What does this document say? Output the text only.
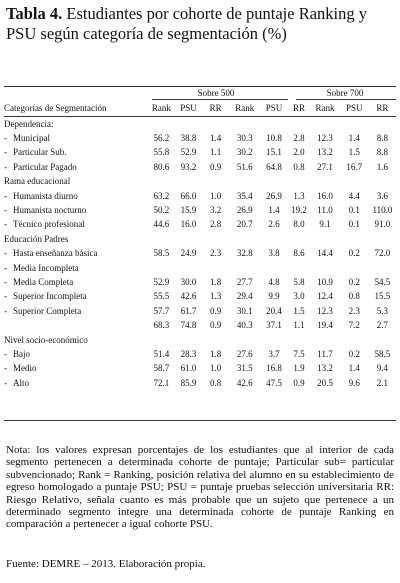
Tabla 4. Estudiantes por cohorte de puntaje Ranking y PSU según categoría de segmentación (%)
Sobre 500	Sobre 700
Categorías de Segmentación	Rank	PSU	RR	Rank	PSU	RR	Rank	PSU	RR
Dependencia:									
- Municipal	56.2	38.8	1.4	30.3	10.8	2.8	12.3	1.4	8.8
- Particular Sub.	55.8	52.9	1.1	30.2	15.1	2.0	13.2	1.5	8.8
- Particular Pagado	80.6	93.2	0.9	51.6	64.8	0.8	27.1	16.7	1.6
Rama educacional									
- Humanista diurno	63.2	66.0	1.0	35.4	26.9	1.3	16.0	4.4	3.6
- Humanista nocturno	50.2	15.9	3.2	26.9	1.4	19.2	11.0	0.1	110.0
- Técnico profesional	44.6	16.0	2.8	20.7	2.6	8.0	9.1	0.1	91.0
Educación Padres									
- Hasta enseñanza básica	58.5	24.9	2.3	32.8	3.8	8.6	14.4	0.2	72.0
- Media Incompleta									
- Media Completa	52.9	30.0	1.8	27.7	4.8	5.8	10.9	0.2	54.5
- Superior Incompleta	55.5	42.6	1.3	29.4	9.9	3.0	12.4	0.8	15.5
- Superior Completa	57.7	61.7	0.9	30.1	20.4	1.5	12.3	2.3	5.3
	68.3	74.8	0.9	40.3	37.1	1.1	19.4	7.2	2.7
Nivel socio-económico									
- Bajo	51.4	28.3	1.8	27.6	3.7	7.5	11.7	0.2	58.5
- Medio	58.7	61.0	1.0	31.5	16.8	1.9	13.2	1.4	9.4
- Alto	72.1	85.9	0.8	42.6	47.5	0.9	20.5	9.6	2.1
Nota: los valores expresan porcentajes de los estudiantes que al interior de cada segmento pertenecen a determinada cohorte de puntaje; Particular sub= particular subvencionado; Rank = Ranking, posición relativa del alumno en su establecimiento de egreso homologado a puntaje PSU; PSU = puntaje pruebas selección universitaria RR: Riesgo Relativo, señala cuanto es más probable que un sujeto que pertenece a un determinado segmento integre una determinada cohorte de puntaje Ranking en comparación a pertenecer a igual cohorte PSU.
Fuente: DEMRE – 2013. Elaboración propia.
